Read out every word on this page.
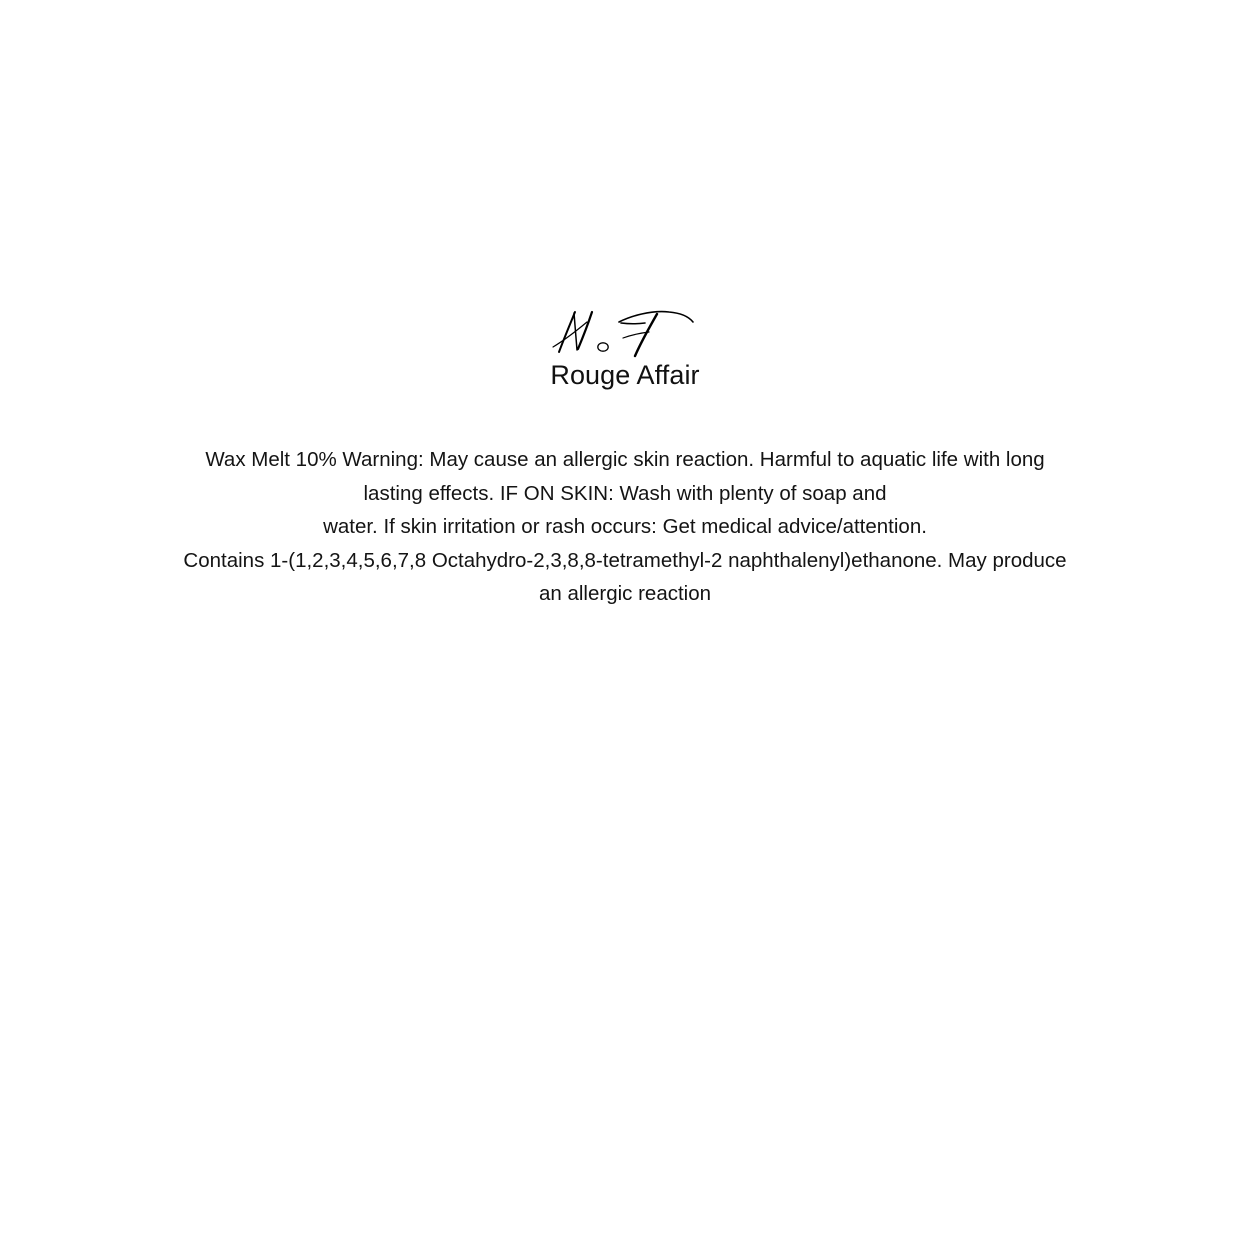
Rouge Affair
Wax Melt 10% Warning: May cause an allergic skin reaction. Harmful to aquatic life with long
lasting effects. IF ON SKIN: Wash with plenty of soap and
water. If skin irritation or rash occurs: Get medical advice/attention.
Contains 1-(1,2,3,4,5,6,7,8 Octahydro-2,3,8,8-tetramethyl-2 naphthalenyl)ethanone. May produce
an allergic reaction
